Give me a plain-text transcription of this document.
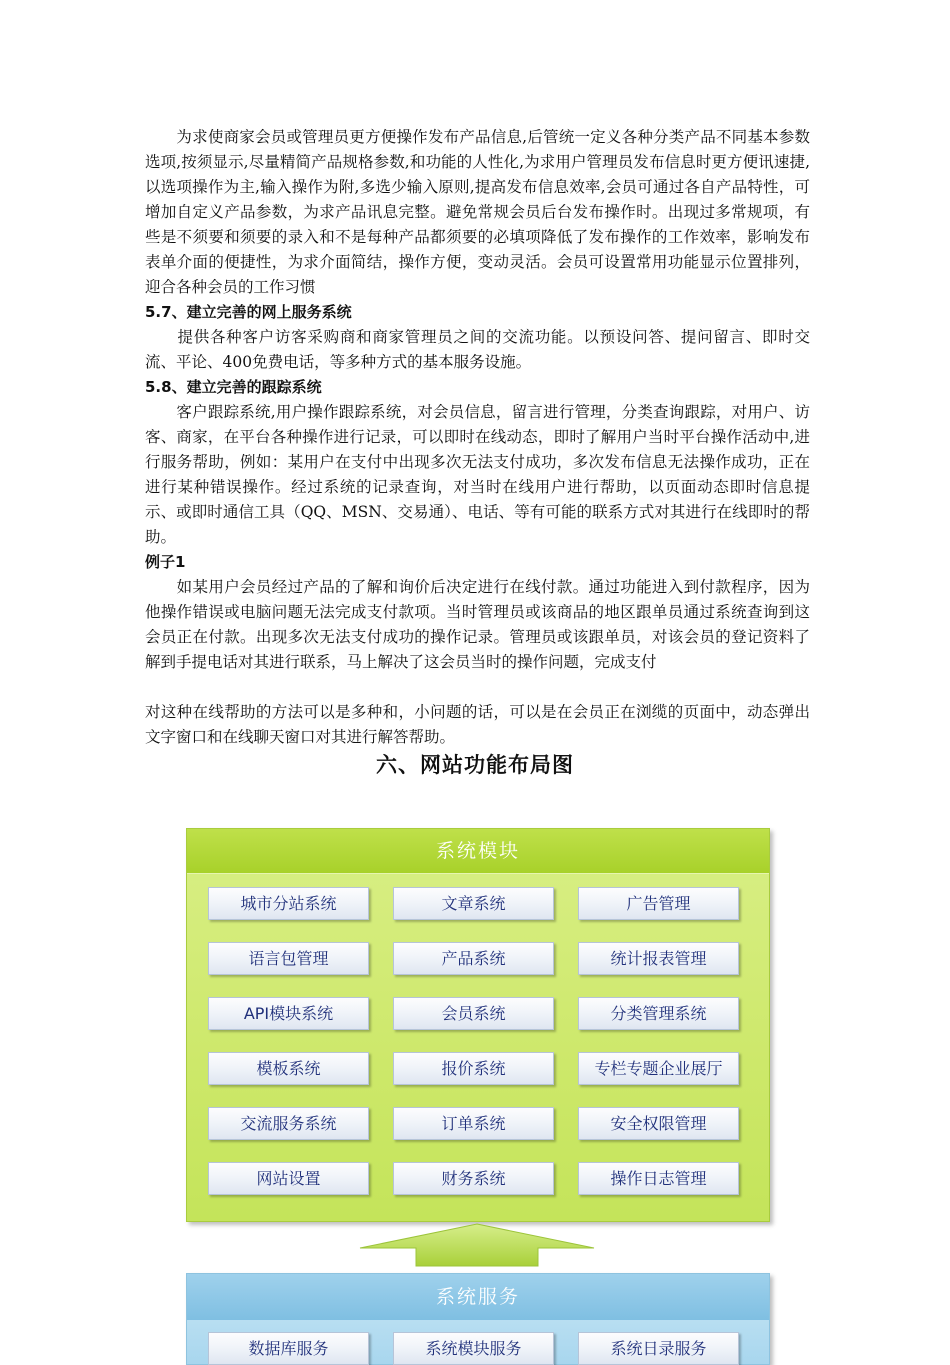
　　为求使商家会员或管理员更方便操作发布产品信息,后管统一定义各种分类产品不同基本参数选项,按须显示,尽量精简产品规格参数,和功能的人性化,为求用户管理员发布信息时更方便讯速捷,以选项操作为主,输入操作为附,多选少输入原则,提高发布信息效率,会员可通过各自产品特性，可增加自定义产品参数，为求产品讯息完整。避免常规会员后台发布操作时。出现过多常规项，有些是不须要和须要的录入和不是每种产品都须要的必填项降低了发布操作的工作效率，影响发布表单介面的便捷性，为求介面简结，操作方便，变动灵活。会员可设置常用功能显示位置排列，迎合各种会员的工作习惯

5.7、建立完善的网上服务系统

　　提供各种客户访客采购商和商家管理员之间的交流功能。以预设问答、提问留言、即时交流、平论、400免费电话，等多种方式的基本服务设施。

5.8、建立完善的跟踪系统

　　客户跟踪系统,用户操作跟踪系统，对会员信息，留言进行管理，分类查询跟踪，对用户、访客、商家，在平台各种操作进行记录，可以即时在线动态，即时了解用户当时平台操作活动中,进行服务帮助，例如：某用户在支付中出现多次无法支付成功，多次发布信息无法操作成功，正在进行某种错误操作。经过系统的记录查询，对当时在线用户进行帮助，以页面动态即时信息提示、或即时通信工具（QQ、MSN、交易通）、电话、等有可能的联系方式对其进行在线即时的帮助。

例子1

　　如某用户会员经过产品的了解和询价后决定进行在线付款。通过功能进入到付款程序，因为他操作错误或电脑问题无法完成支付款项。当时管理员或该商品的地区跟单员通过系统查询到这会员正在付款。出现多次无法支付成功的操作记录。管理员或该跟单员，对该会员的登记资料了解到手提电话对其进行联系，马上解决了这会员当时的操作问题，完成支付

对这种在线帮助的方法可以是多种和，小问题的话，可以是在会员正在浏缆的页面中，动态弹出文字窗口和在线聊天窗口对其进行解答帮助。

六、网站功能布局图
系统模块
城市分站系统	文章系统	广告管理
语言包管理	产品系统	统计报表管理
API模块系统	会员系统	分类管理系统
模板系统	报价系统	专栏专题企业展厅
交流服务系统	订单系统	安全权限管理
网站设置	财务系统	操作日志管理
系统服务
数据库服务	系统模块服务	系统日录服务
